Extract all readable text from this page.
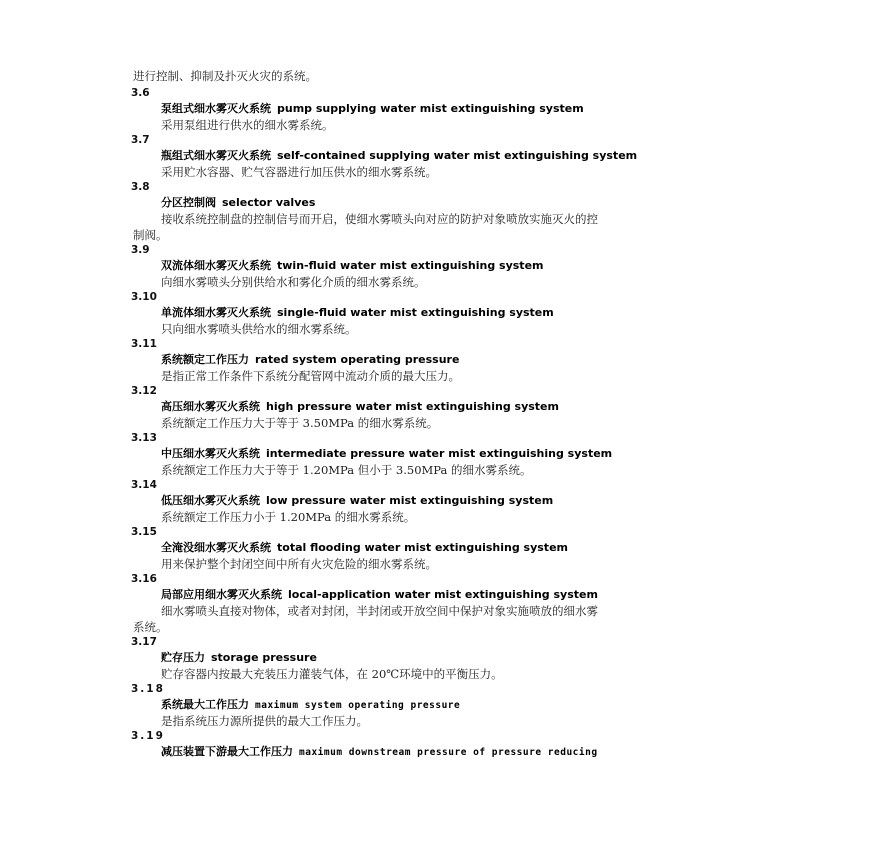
进行控制、抑制及扑灭火灾的系统。
3.6
泵组式细水雾灭火系统 pump supplying water mist extinguishing system
采用泵组进行供水的细水雾系统。
3.7
瓶组式细水雾灭火系统 self-contained supplying water mist extinguishing system
采用贮水容器、贮气容器进行加压供水的细水雾系统。
3.8
分区控制阀 selector valves
接收系统控制盘的控制信号而开启，使细水雾喷头向对应的防护对象喷放实施灭火的控
制阀。
3.9
双流体细水雾灭火系统 twin-fluid water mist extinguishing system
向细水雾喷头分别供给水和雾化介质的细水雾系统。
3.10
单流体细水雾灭火系统 single-fluid water mist extinguishing system
只向细水雾喷头供给水的细水雾系统。
3.11
系统额定工作压力 rated system operating pressure
是指正常工作条件下系统分配管网中流动介质的最大压力。
3.12
高压细水雾灭火系统 high pressure water mist extinguishing system
系统额定工作压力大于等于 3.50MPa 的细水雾系统。
3.13
中压细水雾灭火系统 intermediate pressure water mist extinguishing system
系统额定工作压力大于等于 1.20MPa 但小于 3.50MPa 的细水雾系统。
3.14
低压细水雾灭火系统 low pressure water mist extinguishing system
系统额定工作压力小于 1.20MPa 的细水雾系统。
3.15
全淹没细水雾灭火系统 total flooding water mist extinguishing system
用来保护整个封闭空间中所有火灾危险的细水雾系统。
3.16
局部应用细水雾灭火系统 local-application water mist extinguishing system
细水雾喷头直接对物体，或者对封闭，半封闭或开放空间中保护对象实施喷放的细水雾
系统。
3.17
贮存压力 storage pressure
贮存容器内按最大充装压力灌装气体，在 20℃环境中的平衡压力。
3.18
系统最大工作压力 maximum system operating pressure
是指系统压力源所提供的最大工作压力。
3.19
减压装置下游最大工作压力 maximum downstream pressure of pressure reducing
